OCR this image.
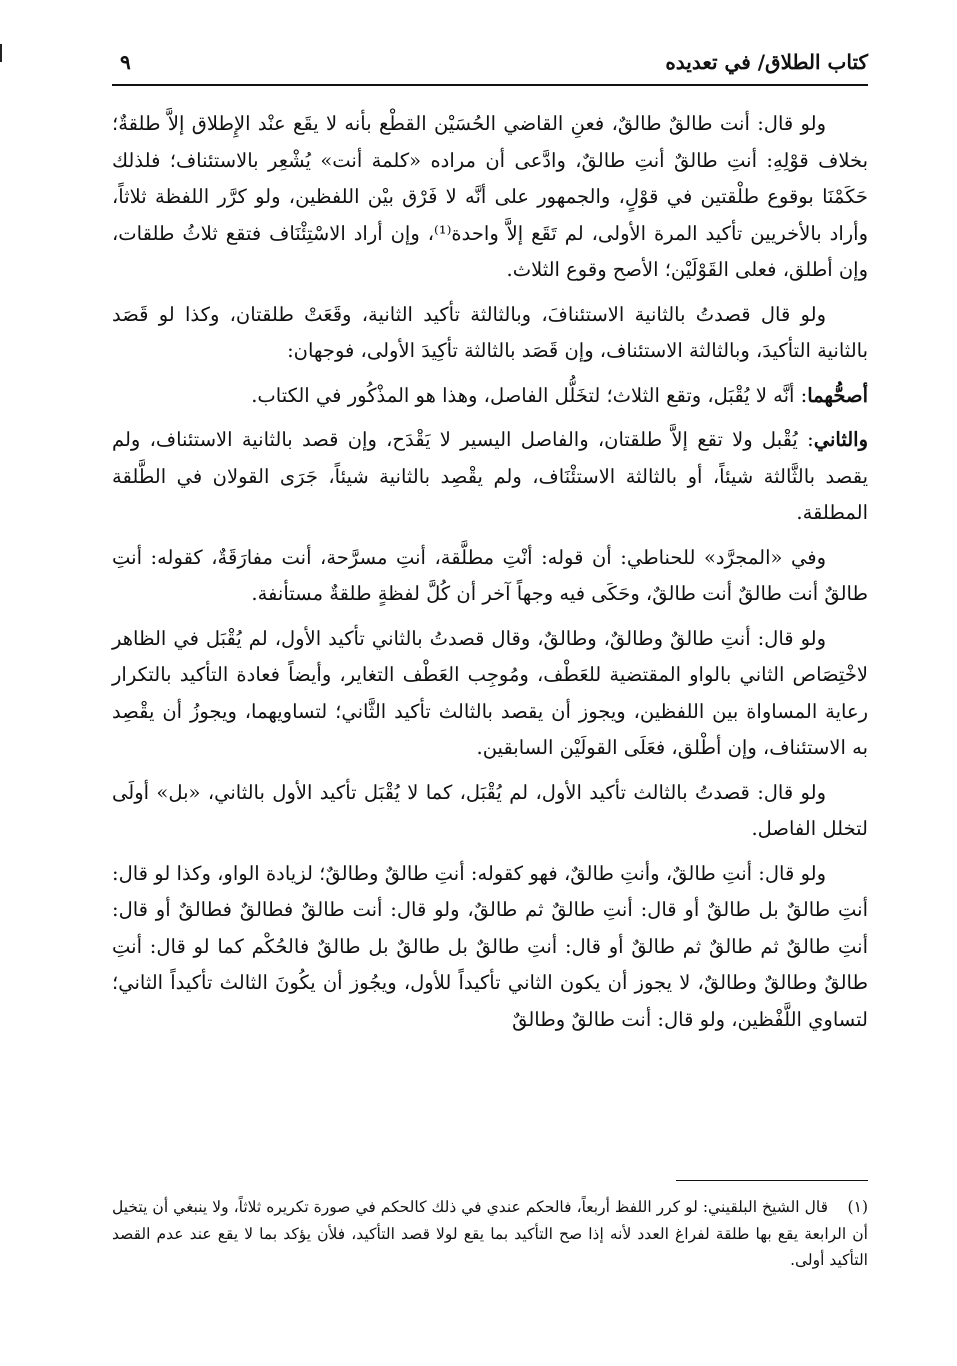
كتاب الطلاق/ في تعديده
٩

ولو قال: أنت طالقٌ طالقٌ، فعنِ القاضي الحُسَيْن القطْع بأنه لا يقَع عنْد الإِطلاق إلاَّ طلقةٌ؛ بخلاف قوْلِهِ: أنتِ طالقٌ أنتِ طالقٌ، وادَّعى أن مراده «كلمة أنت» يُشْعِر بالاستئناف؛ فلذلك حَكَمْنَا بوقوع طلْقتين في قوْلٍ، والجمهور على أنَّه لا فَرْق بيْن اللفظين، ولو كرَّر اللفظة ثلاثاً، وأراد بالأخريين تأكيد المرة الأولى، لم تَقَع إلاَّ واحدة⁽¹⁾، وإن أراد الاسْتِئْنَاف فتقع ثلاثُ طلقات، وإن أطلق، فعلى القَوْلَيْن؛ الأصح وقوع الثلاث.

ولو قال قصدتُ بالثانية الاستئنافَ، وبالثالثة تأكيد الثانية، وقَعَتْ طلقتان، وكذا لو قَصَد بالثانية التأكيدَ، وبالثالثة الاستئناف، وإن قَصَد بالثالثة تأكِيدَ الأولى، فوجهان:

أصحُّهما: أنَّه لا يُقْبَل، وتقع الثلاث؛ لتخَلُّل الفاصل، وهذا هو المذْكُور في الكتاب.

والثاني: يُقْبل ولا تقع إلاَّ طلقتان، والفاصل اليسير لا يَقْدَح، وإن قصد بالثانية الاستئناف، ولم يقصد بالثَّالثة شيئاً، أو بالثالثة الاستئْنَاف، ولم يقْصِد بالثانية شيئاً، جَرَى القولان في الطَّلقة المطلقة.

وفي «المجرَّد» للحناطي: أن قوله: أنْتِ مطلَّقة، أنتِ مسرَّحة، أنت مفارَقَةٌ، كقوله: أنتِ طالقٌ أنت طالقٌ أنت طالقٌ، وحَكَى فيه وجهاً آخر أن كُلَّ لفظةٍ طلقةٌ مستأنفة.

ولو قال: أنتِ طالقٌ وطالقٌ، وطالقٌ، وقال قصدتُ بالثاني تأكيد الأول، لم يُقْبَل في الظاهر لاخْتِصَاص الثاني بالواو المقتضية للعَطْف، ومُوجِب العَطْف التغاير، وأيضاً فعادة التأكيد بالتكرار رعاية المساواة بين اللفظين، ويجوز أن يقصد بالثالث تأكيد الثَّاني؛ لتساويهما، ويجوزُ أن يقْصِد به الاستئناف، وإن أطْلق، فعَلَى القولَيْن السابقين.

ولو قال: قصدتُ بالثالث تأكيد الأول، لم يُقْبَل، كما لا يُقْبَل تأكيد الأول بالثاني، «بل» أولَى لتخلل الفاصل.

ولو قال: أنتِ طالقٌ، وأنتِ طالقٌ، فهو كقوله: أنتِ طالقٌ وطالقٌ؛ لزيادة الواو، وكذا لو قال: أنتِ طالقٌ بل طالقٌ أو قال: أنتِ طالقٌ ثم طالقٌ، ولو قال: أنت طالقٌ فطالقٌ فطالقٌ أو قال: أنتِ طالقٌ ثم طالقٌ ثم طالقٌ أو قال: أنتِ طالقٌ بل طالقٌ بل طالقٌ فالحُكْم كما لو قال: أنتِ طالقٌ وطالقٌ وطالقٌ، لا يجوز أن يكون الثاني تأكيداً للأول، ويجُوز أن يكُونَ الثالث تأكيداً الثاني؛ لتساوي اللَّفْظين، ولو قال: أنت طالقٌ وطالقٌ

(١)قال الشيخ البلقيني: لو كرر اللفظ أربعاً، فالحكم عندي في ذلك كالحكم في صورة تكريره ثلاثاً، ولا ينبغي أن يتخيل أن الرابعة يقع بها طلقة لفراغ العدد لأنه إذا صح التأكيد بما يقع لولا قصد التأكيد، فلأن يؤكد بما لا يقع عند عدم القصد التأكيد أولى.
